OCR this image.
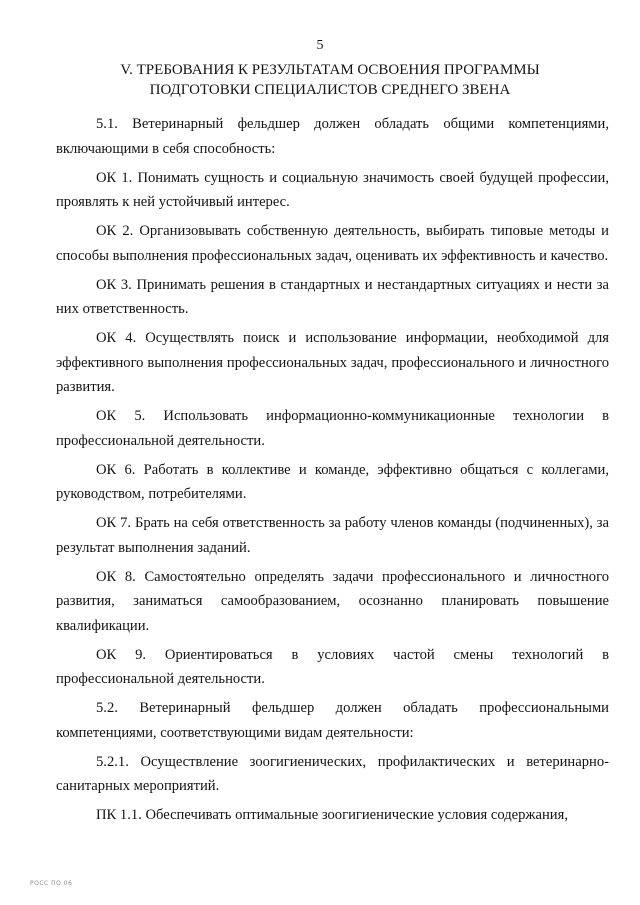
5
V. ТРЕБОВАНИЯ К РЕЗУЛЬТАТАМ ОСВОЕНИЯ ПРОГРАММЫ
ПОДГОТОВКИ СПЕЦИАЛИСТОВ СРЕДНЕГО ЗВЕНА

5.1. Ветеринарный фельдшер должен обладать общими компетенциями, включающими в себя способность:

ОК 1. Понимать сущность и социальную значимость своей будущей профессии, проявлять к ней устойчивый интерес.

ОК 2. Организовывать собственную деятельность, выбирать типовые методы и способы выполнения профессиональных задач, оценивать их эффективность и качество.

ОК 3. Принимать решения в стандартных и нестандартных ситуациях и нести за них ответственность.

ОК 4. Осуществлять поиск и использование информации, необходимой для эффективного выполнения профессиональных задач, профессионального и личностного развития.

ОК 5. Использовать информационно-коммуникационные технологии в профессиональной деятельности.

ОК 6. Работать в коллективе и команде, эффективно общаться с коллегами, руководством, потребителями.

ОК 7. Брать на себя ответственность за работу членов команды (подчиненных), за результат выполнения заданий.

ОК 8. Самостоятельно определять задачи профессионального и личностного развития, заниматься самообразованием, осознанно планировать повышение квалификации.

ОК 9. Ориентироваться в условиях частой смены технологий в профессиональной деятельности.

5.2. Ветеринарный фельдшер должен обладать профессиональными компетенциями, соответствующими видам деятельности:

5.2.1. Осуществление зоогигиенических, профилактических и ветеринарно-санитарных мероприятий.

ПК 1.1. Обеспечивать оптимальные зоогигиенические условия содержания,

РОСС ПО 06
